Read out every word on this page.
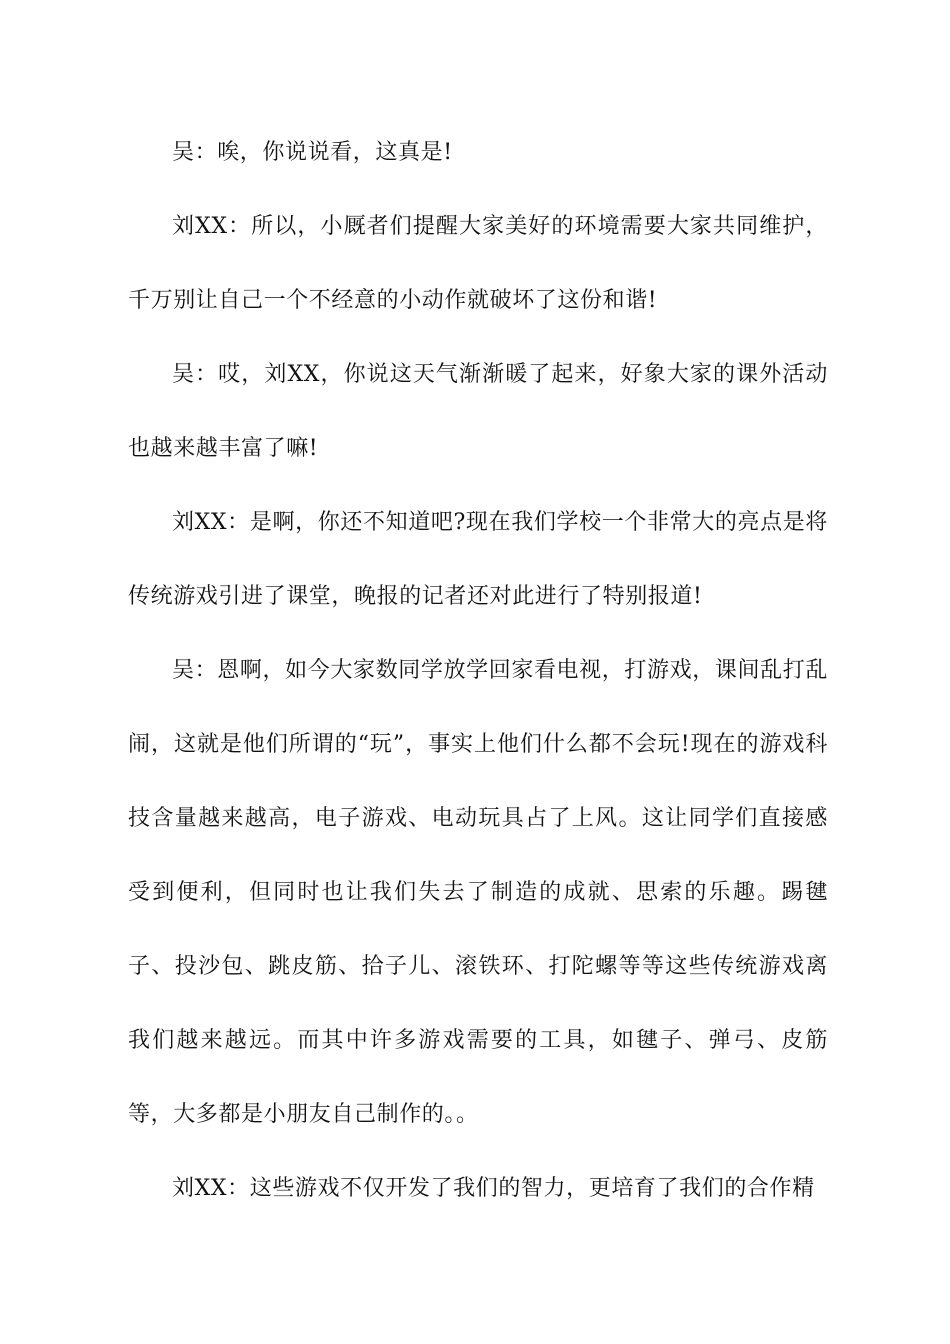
吴：唉，你说说看，这真是!

刘XX：所以，小厩者们提醒大家美好的环境需要大家共同维护，千万别让自己一个不经意的小动作就破坏了这份和谐!

吴：哎，刘XX，你说这天气渐渐暖了起来，好象大家的课外活动也越来越丰富了嘛!

刘XX：是啊，你还不知道吧?现在我们学校一个非常大的亮点是将传统游戏引进了课堂，晚报的记者还对此进行了特别报道!

吴：恩啊，如今大家数同学放学回家看电视，打游戏，课间乱打乱闹，这就是他们所谓的“玩”，事实上他们什么都不会玩!现在的游戏科技含量越来越高，电子游戏、电动玩具占了上风。这让同学们直接感受到便利，但同时也让我们失去了制造的成就、思索的乐趣。踢毽子、投沙包、跳皮筋、拾子儿、滚铁环、打陀螺等等这些传统游戏离我们越来越远。而其中许多游戏需要的工具，如毽子、弹弓、皮筋等，大多都是小朋友自己制作的。。

刘XX：这些游戏不仅开发了我们的智力，更培育了我们的合作精
